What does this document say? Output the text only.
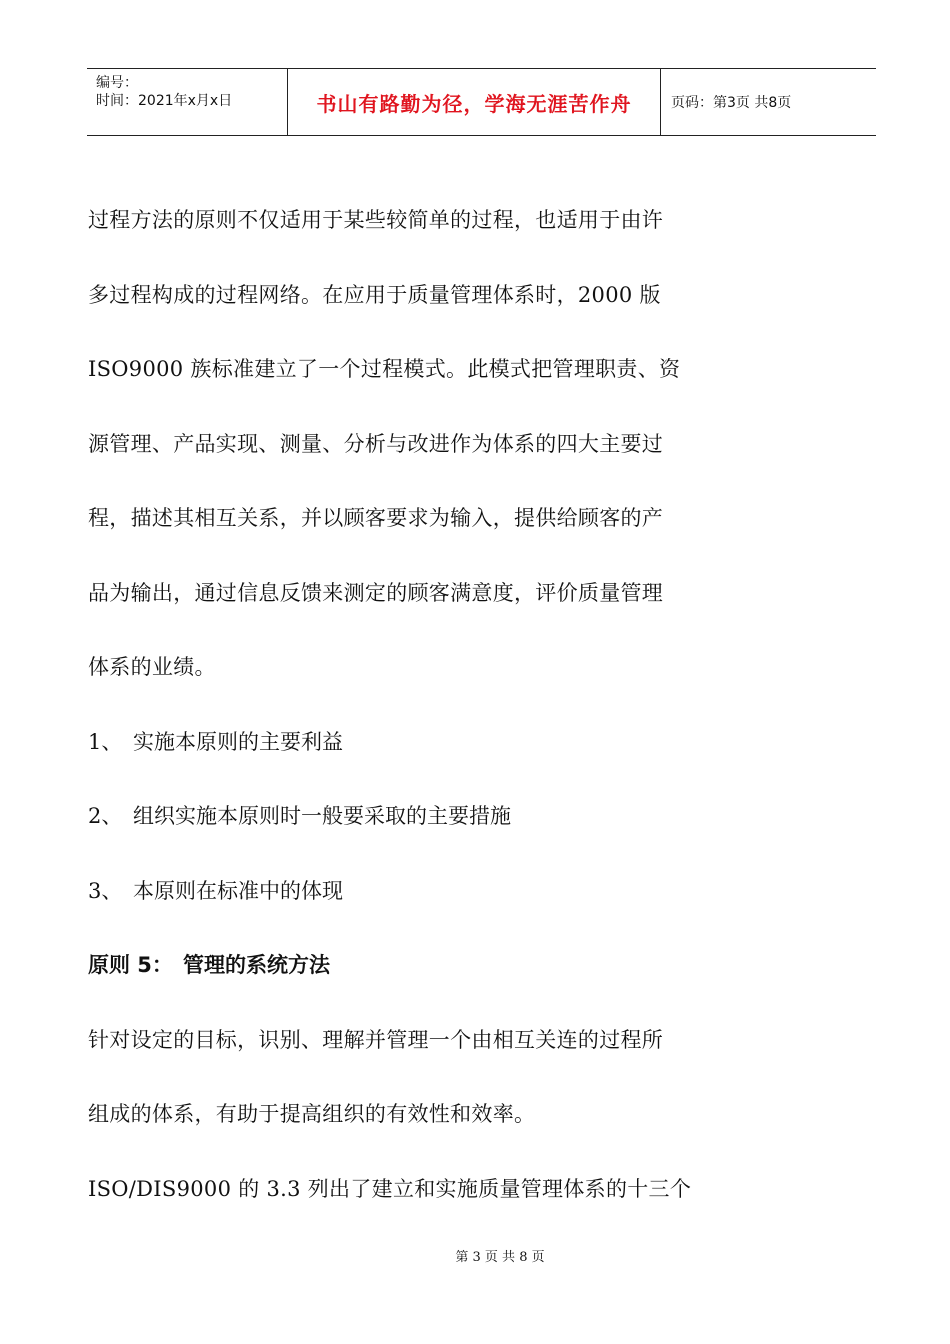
编号：
时间：2021年x月x日	书山有路勤为径，学海无涯苦作舟	页码：第3页 共8页
过程方法的原则不仅适用于某些较简单的过程，也适用于由许
多过程构成的过程网络。在应用于质量管理体系时，2000 版
ISO9000 族标准建立了一个过程模式。此模式把管理职责、资
源管理、产品实现、测量、分析与改进作为体系的四大主要过
程，描述其相互关系，并以顾客要求为输入，提供给顾客的产
品为输出，通过信息反馈来测定的顾客满意度，评价质量管理
体系的业绩。
1、 实施本原则的主要利益
2、 组织实施本原则时一般要采取的主要措施
3、 本原则在标准中的体现
原则 5： 管理的系统方法
针对设定的目标，识别、理解并管理一个由相互关连的过程所
组成的体系，有助于提高组织的有效性和效率。
ISO/DIS9000 的 3.3 列出了建立和实施质量管理体系的十三个
第 3 页 共 8 页
